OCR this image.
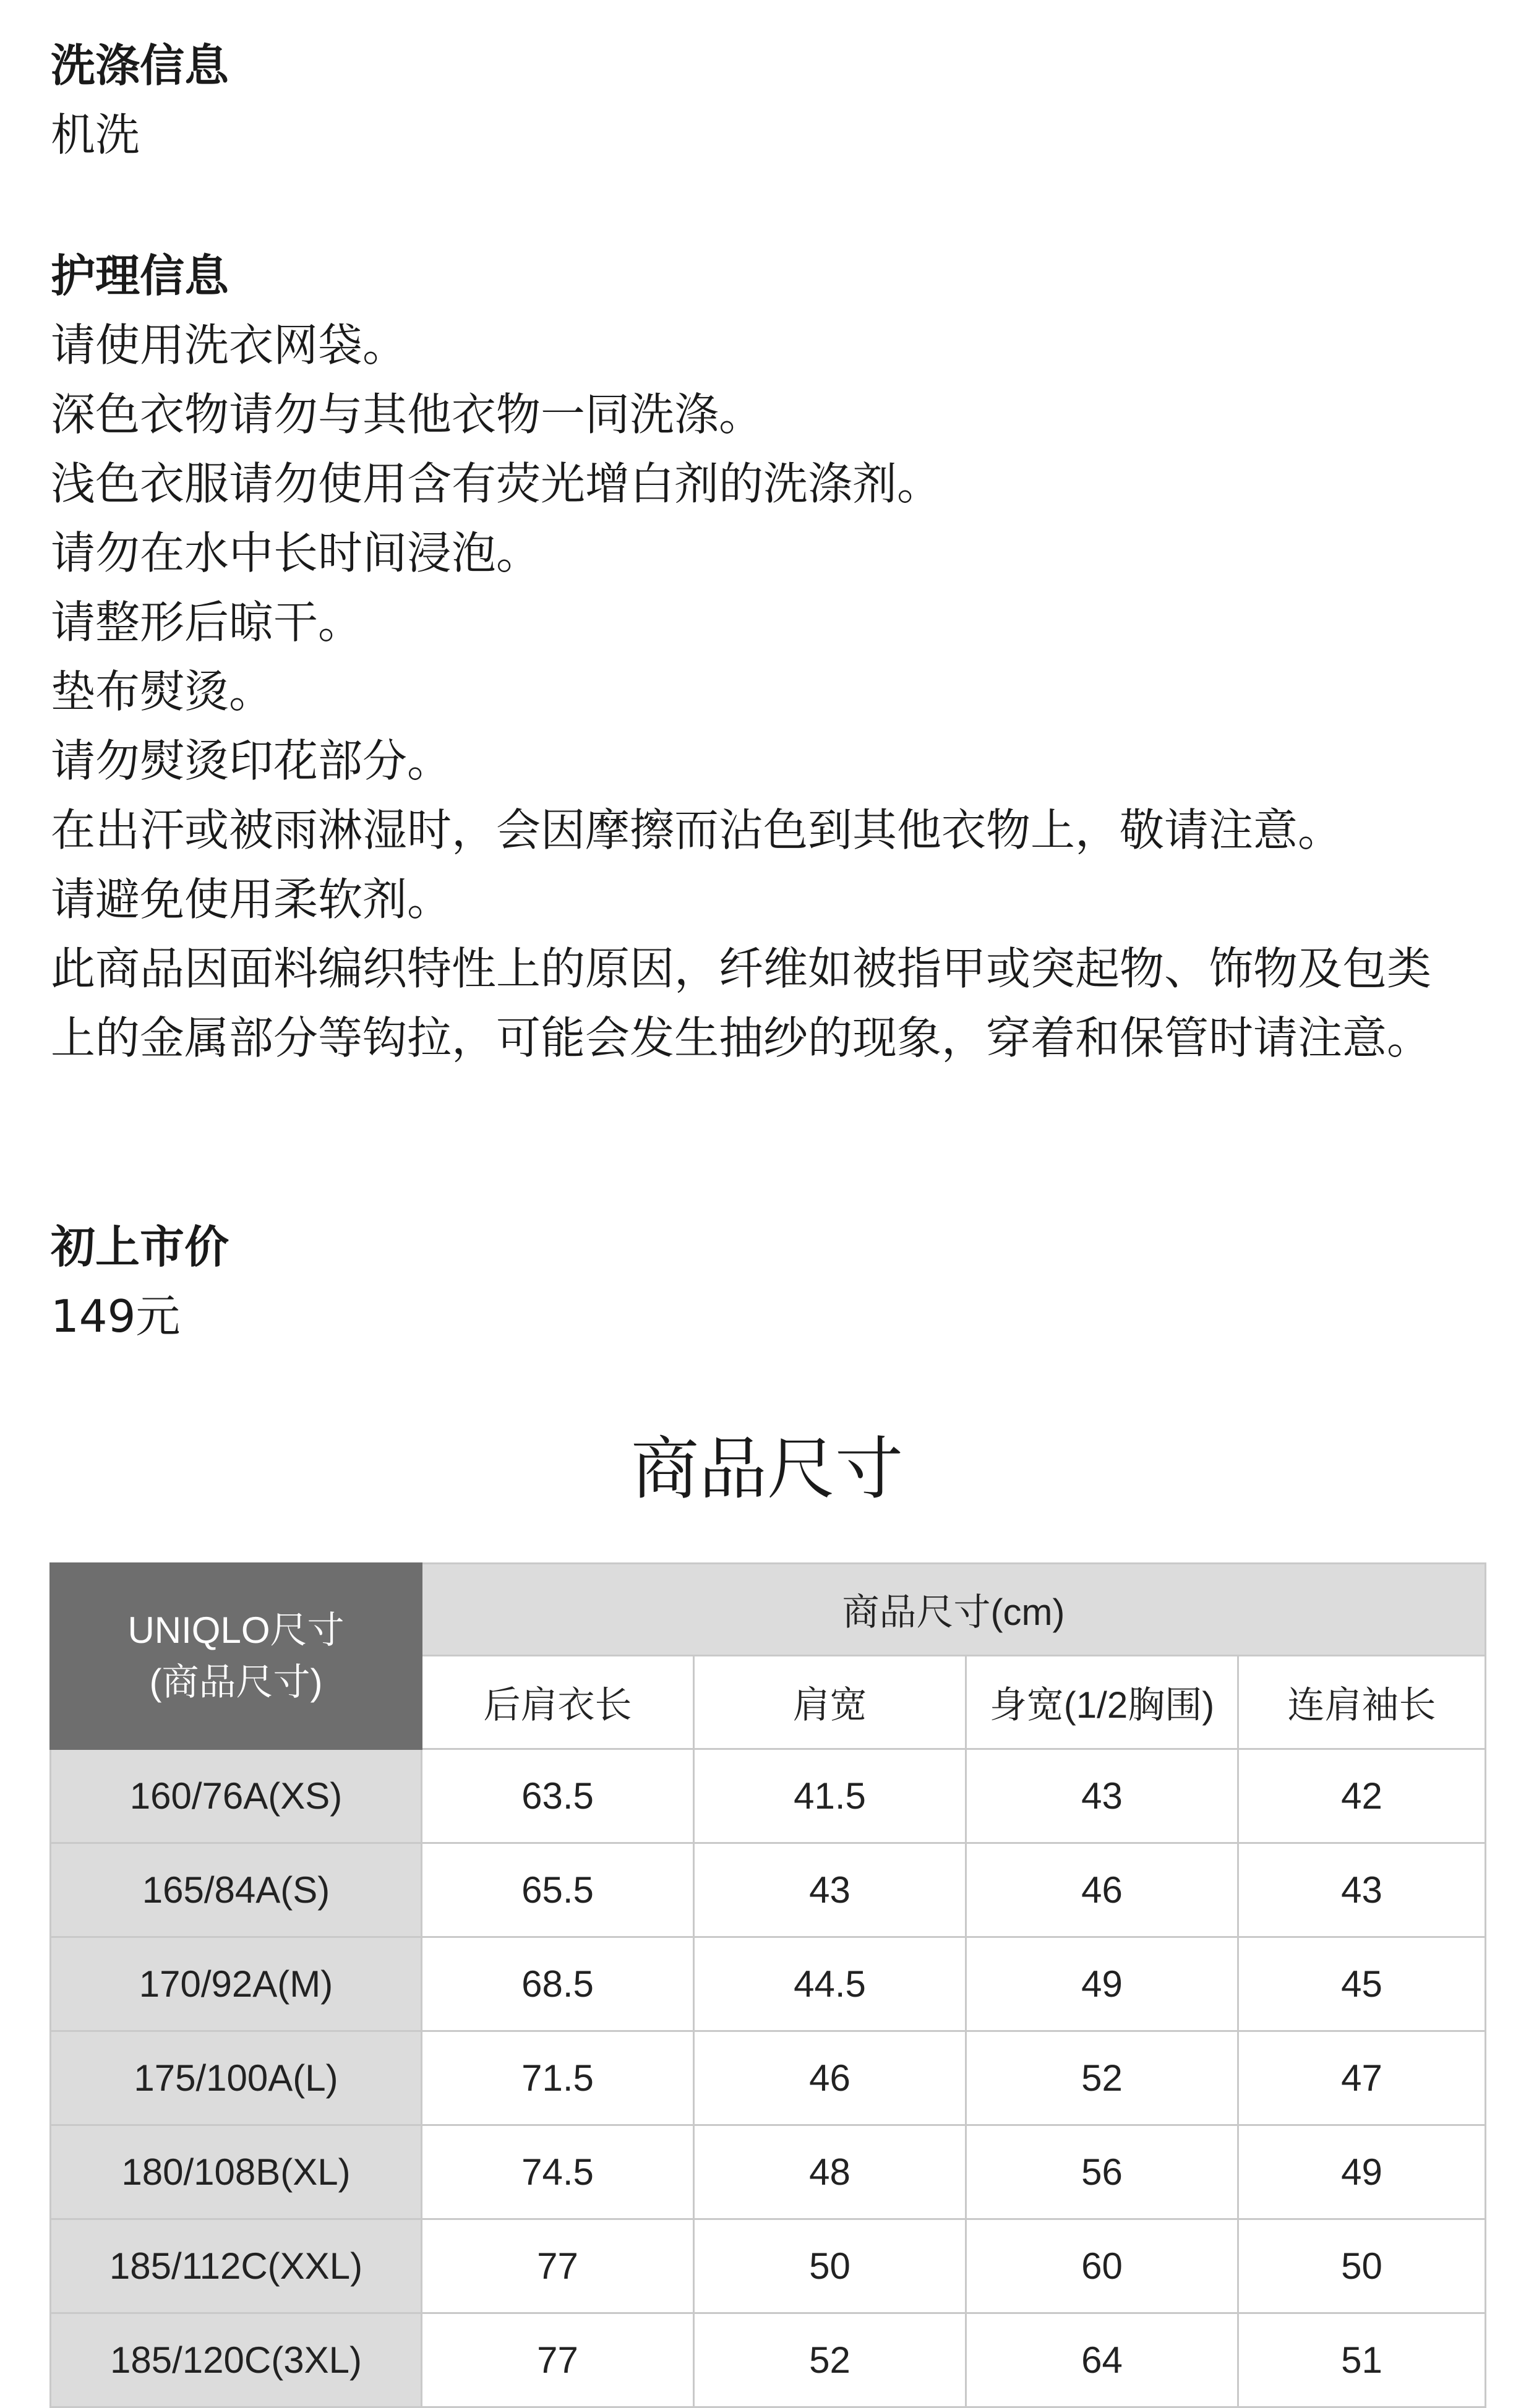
洗涤信息

机洗

护理信息

请使用洗衣网袋。
深色衣物请勿与其他衣物一同洗涤。
浅色衣服请勿使用含有荧光增白剂的洗涤剂。
请勿在水中长时间浸泡。
请整形后晾干。
垫布熨烫。
请勿熨烫印花部分。
在出汗或被雨淋湿时，会因摩擦而沾色到其他衣物上，敬请注意。
请避免使用柔软剂。
此商品因面料编织特性上的原因，纤维如被指甲或突起物、饰物及包类上的金属部分等钩拉，可能会发生抽纱的现象，穿着和保管时请注意。

初上市价

149元

商品尺寸
UNIQLO尺寸
(商品尺寸)	商品尺寸(cm)			
	后肩衣长	肩宽	身宽(1/2胸围)	连肩袖长
160/76A(XS)	63.5	41.5	43	42
165/84A(S)	65.5	43	46	43
170/92A(M)	68.5	44.5	49	45
175/100A(L)	71.5	46	52	47
180/108B(XL)	74.5	48	56	49
185/112C(XXL)	77	50	60	50
185/120C(3XL)	77	52	64	51
